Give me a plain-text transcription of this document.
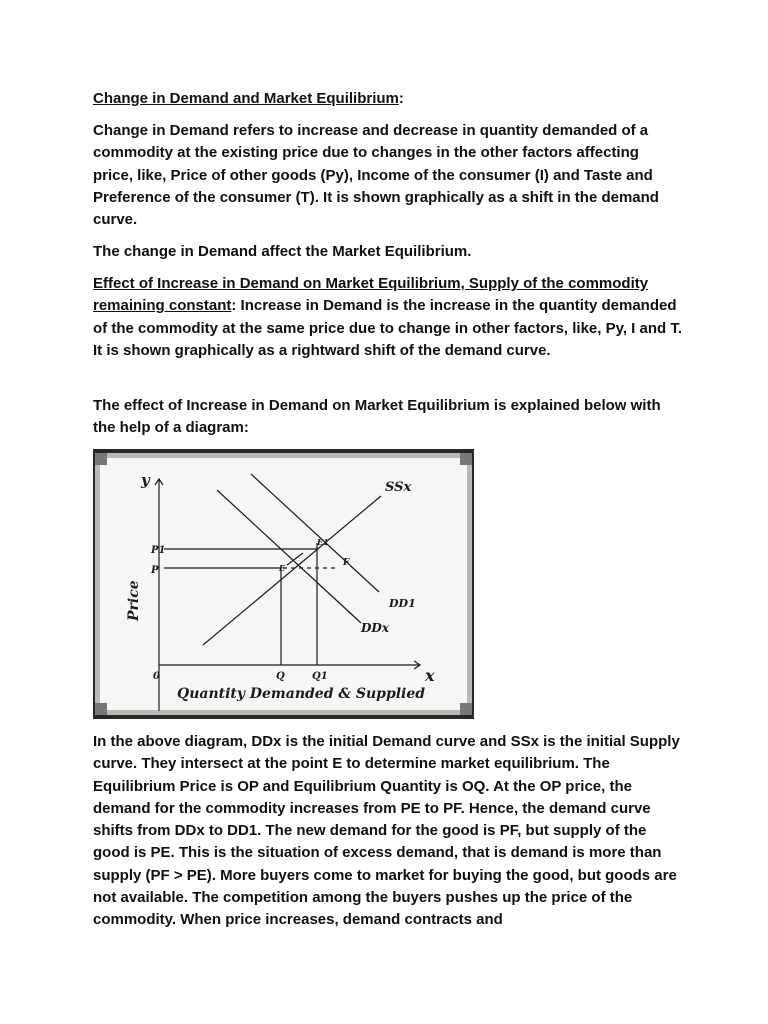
Change in Demand and Market Equilibrium:

Change in Demand refers to increase and decrease in quantity demanded of a commodity at the existing price due to changes in the other factors affecting price, like, Price of other goods (Py), Income of the consumer (I) and Taste and Preference of the consumer (T). It is shown graphically as a shift in the demand curve.

The change in Demand affect the Market Equilibrium.

Effect of Increase in Demand on Market Equilibrium, Supply of the commodity remaining constant: Increase in Demand is the increase in the quantity demanded of the commodity at the same price due to change in other factors, like, Py, I and T. It is shown graphically as a rightward shift of the demand curve.

The effect of Increase in Demand on Market Equilibrium is explained below with the help of a diagram:

y
x
0
SSx
DDx
DD1
E
E1
F
P1
P
Q	Q1
Quantity Demanded & Supplied
Price

In the above diagram, DDx is the initial Demand curve and SSx is the initial Supply curve. They intersect at the point E to determine market equilibrium. The Equilibrium Price is OP and Equilibrium Quantity is OQ. At the OP price, the demand for the commodity increases from PE to PF. Hence, the demand curve shifts from DDx to DD1. The new demand for the good is PF, but supply of the good is PE. This is the situation of excess demand, that is demand is more than supply (PF > PE). More buyers come to market for buying the good, but goods are not available. The competition among the buyers pushes up the price of the commodity. When price increases, demand contracts and
